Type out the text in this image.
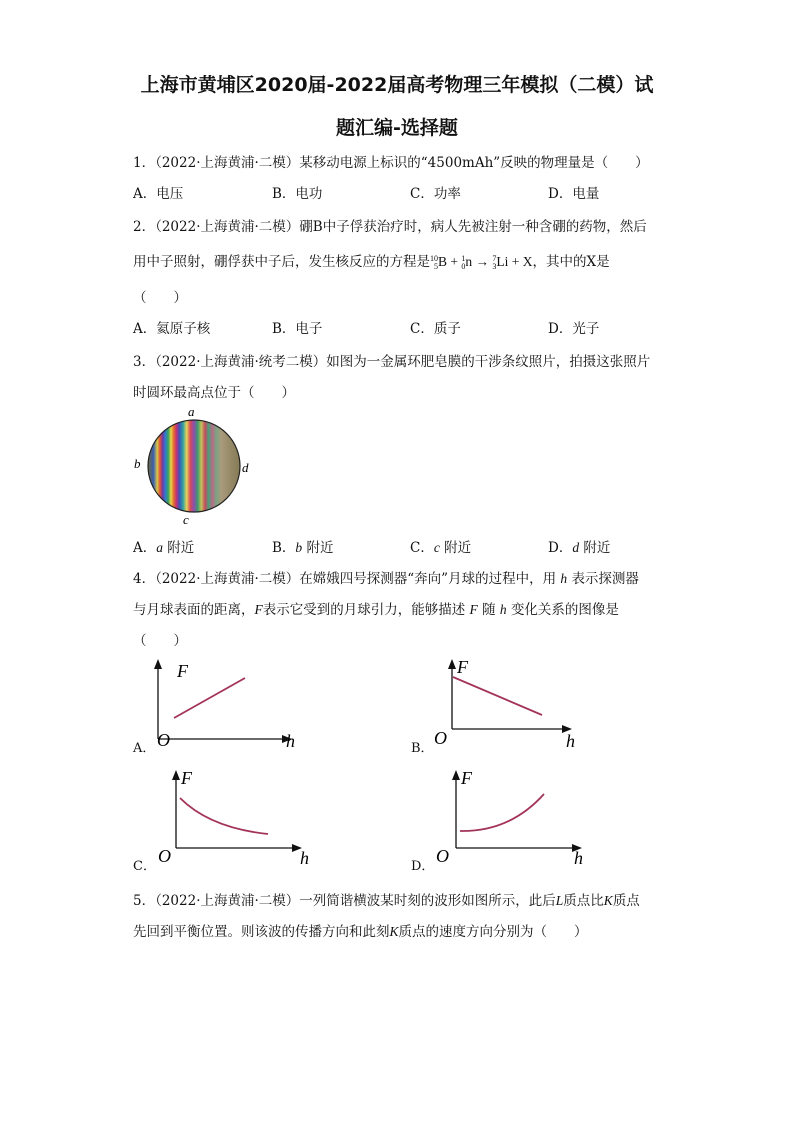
上海市黄埔区2020届-2022届高考物理三年模拟（二模）试
题汇编-选择题
1．（2022·上海黄浦·二模）某移动电源上标识的“4500mAh”反映的物理量是（　　）
A．电压	B．电功	C．功率	D．电量
2．（2022·上海黄浦·二模）硼B中子俘获治疗时，病人先被注射一种含硼的药物，然后
用中子照射，硼俘获中子后，发生核反应的方程是 10
5 B + 1
0 n → 7
3 Li + X，其中的X是
（　　）
A．氦原子核	B．电子	C．质子	D．光子
3．（2022·上海黄浦·统考二模）如图为一金属环肥皂膜的干涉条纹照片，拍摄这张照片
时圆环最高点位于（　　）
a
b
c
d
A．a 附近	B．b 附近	C．c 附近	D．d 附近
4．（2022·上海黄浦·二模）在嫦娥四号探测器“奔向”月球的过程中，用 h 表示探测器
与月球表面的距离，F表示它受到的月球引力，能够描述 F 随 h 变化关系的图像是
（　　）
A．
F
h
O	B．
F
h
O
C．
F
h
O
D．
F
h
O
5．（2022·上海黄浦·二模）一列简谐横波某时刻的波形如图所示，此后L质点比K质点
先回到平衡位置。则该波的传播方向和此刻K质点的速度方向分别为（　　）
